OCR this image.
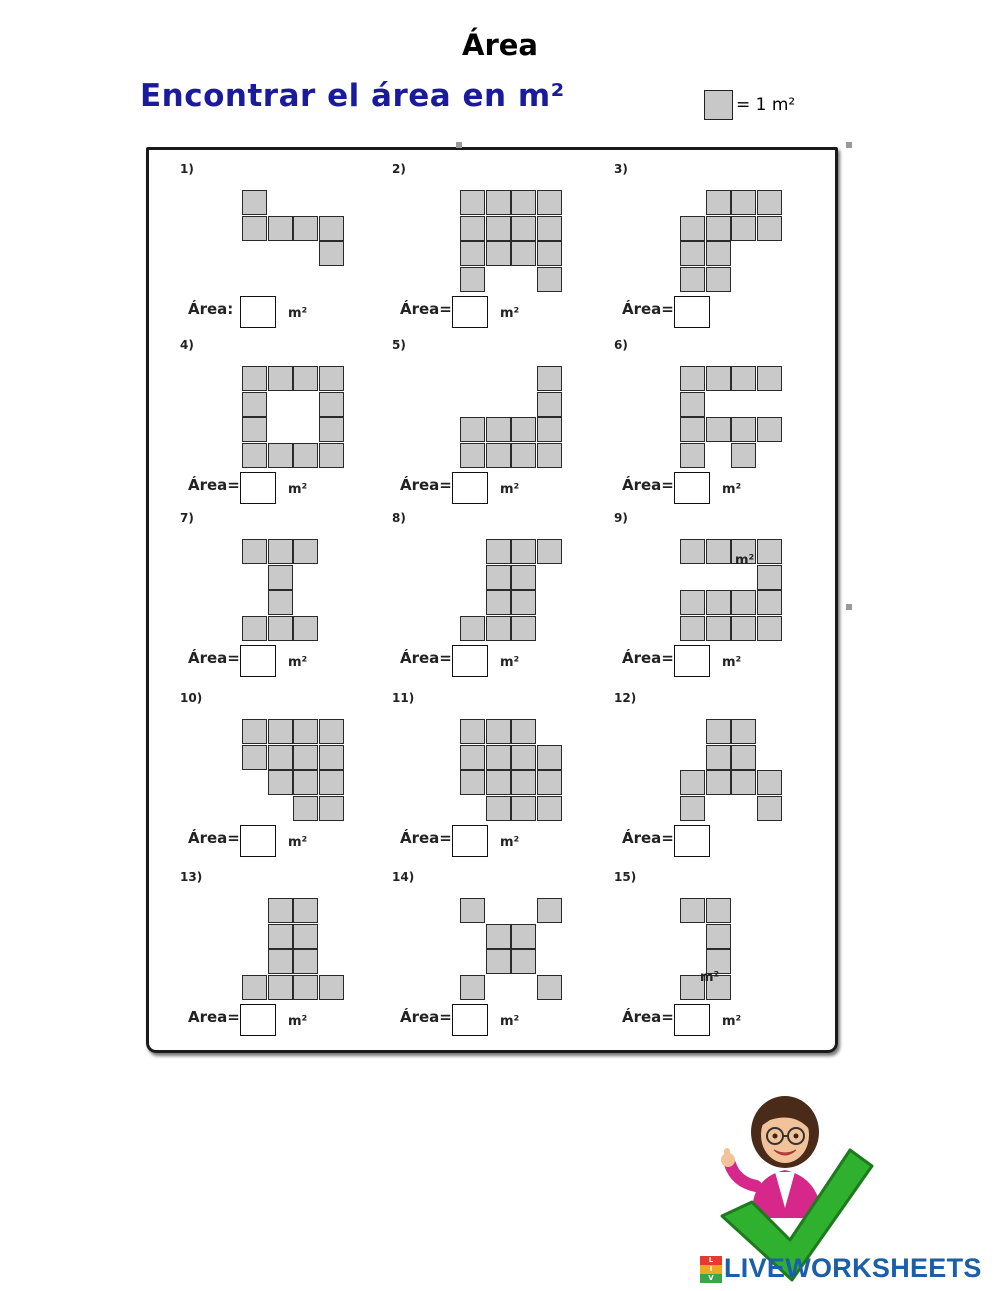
Área
Encontrar el área en m²	= 1 m²
1)
Área:	m²
2)
Área=	m²
3)
Área=
4)
Área=	m²
5)
Área=	m²
6)
Área=	m²
7)
Área=	m²
8)
Área=	m²
9)
m²
Área=	m²
10)
Área=	m²
11)
Área=	m²
12)
Área=
13)
Area=	m²
14)
Área=	m²
15)
m²
Área=	m²
L
I
V LIVEWORKSHEETS
